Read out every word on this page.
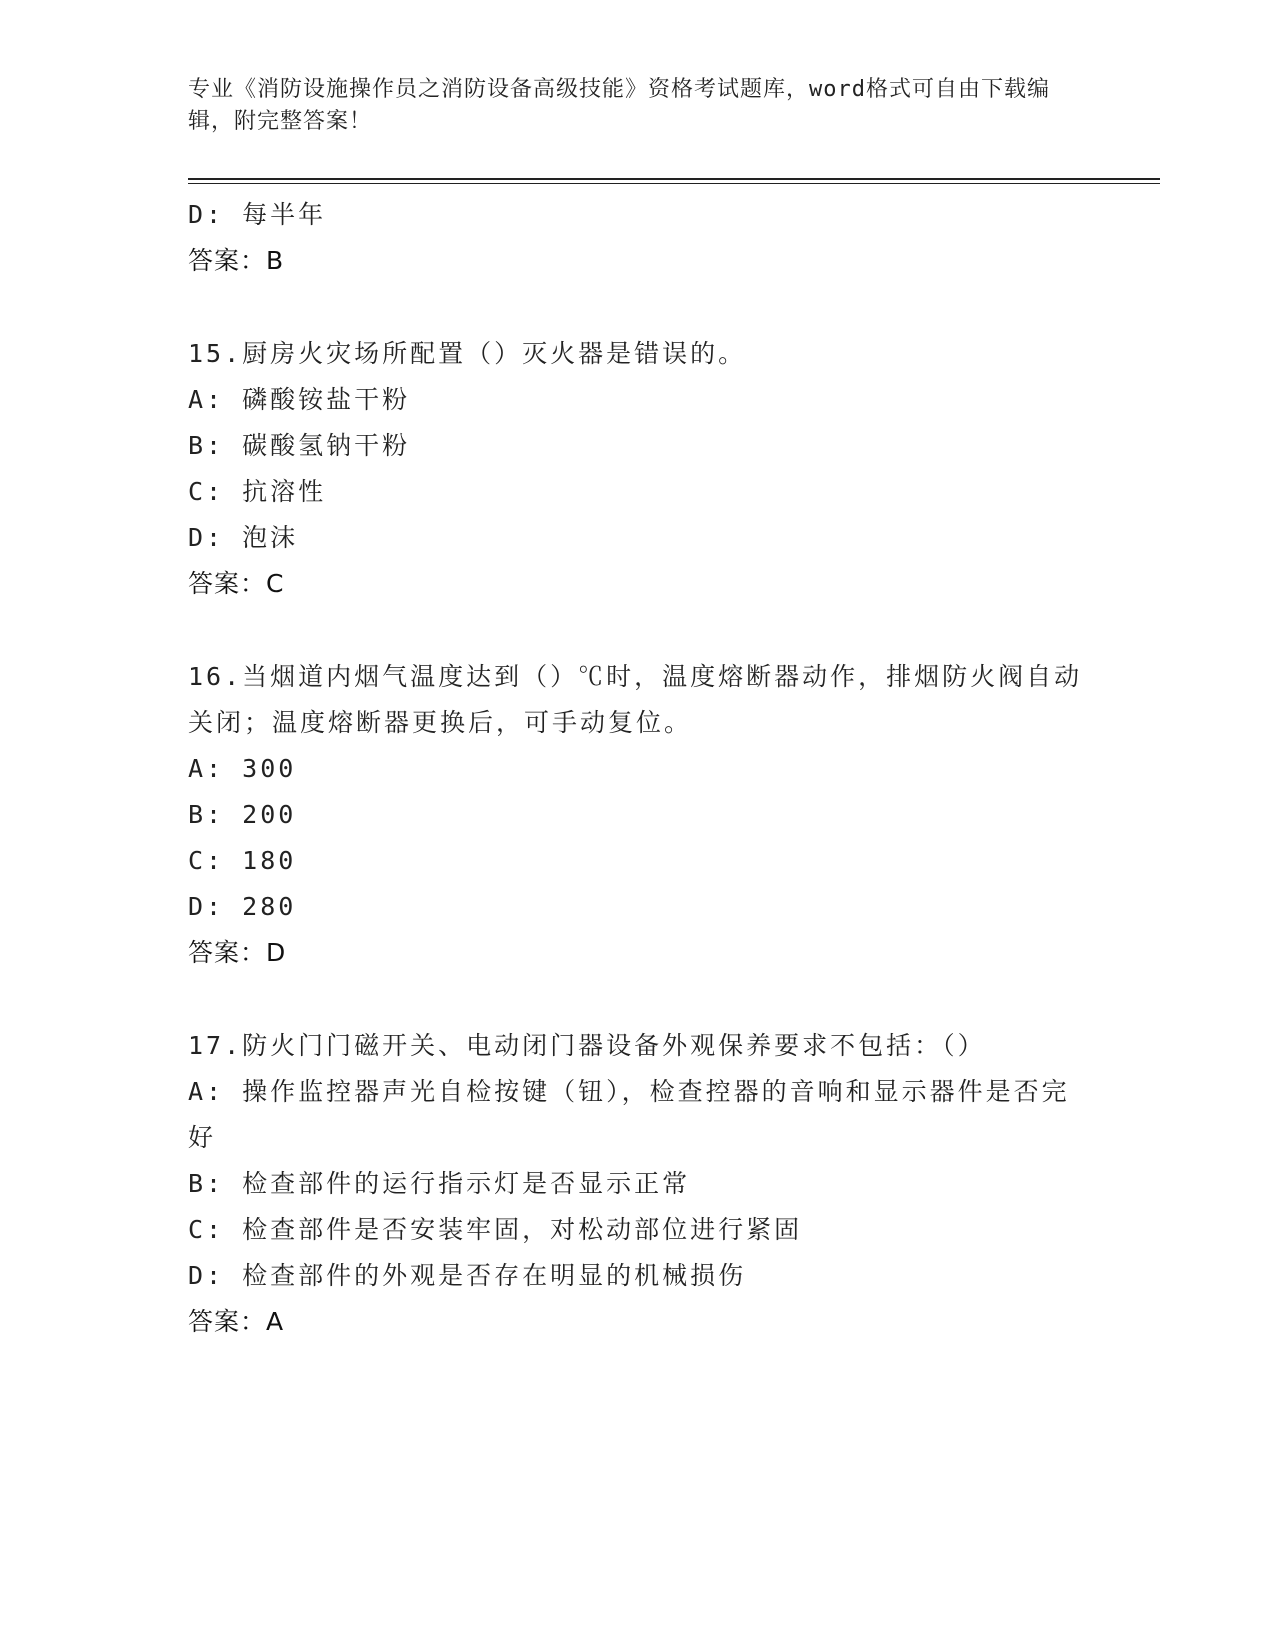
专业《消防设施操作员之消防设备高级技能》资格考试题库，word格式可自由下载编辑，附完整答案！
D: 每半年
答案：B
15.厨房火灾场所配置（）灭火器是错误的。
A: 磷酸铵盐干粉
B: 碳酸氢钠干粉
C: 抗溶性
D: 泡沫
答案：C
16.当烟道内烟气温度达到（）℃时，温度熔断器动作，排烟防火阀自动关闭；温度熔断器更换后，可手动复位。
A: 300
B: 200
C: 180
D: 280
答案：D
17.防火门门磁开关、电动闭门器设备外观保养要求不包括：（）
A: 操作监控器声光自检按键（钮），检查控器的音响和显示器件是否完好
B: 检查部件的运行指示灯是否显示正常
C: 检查部件是否安装牢固，对松动部位进行紧固
D: 检查部件的外观是否存在明显的机械损伤
答案：A
